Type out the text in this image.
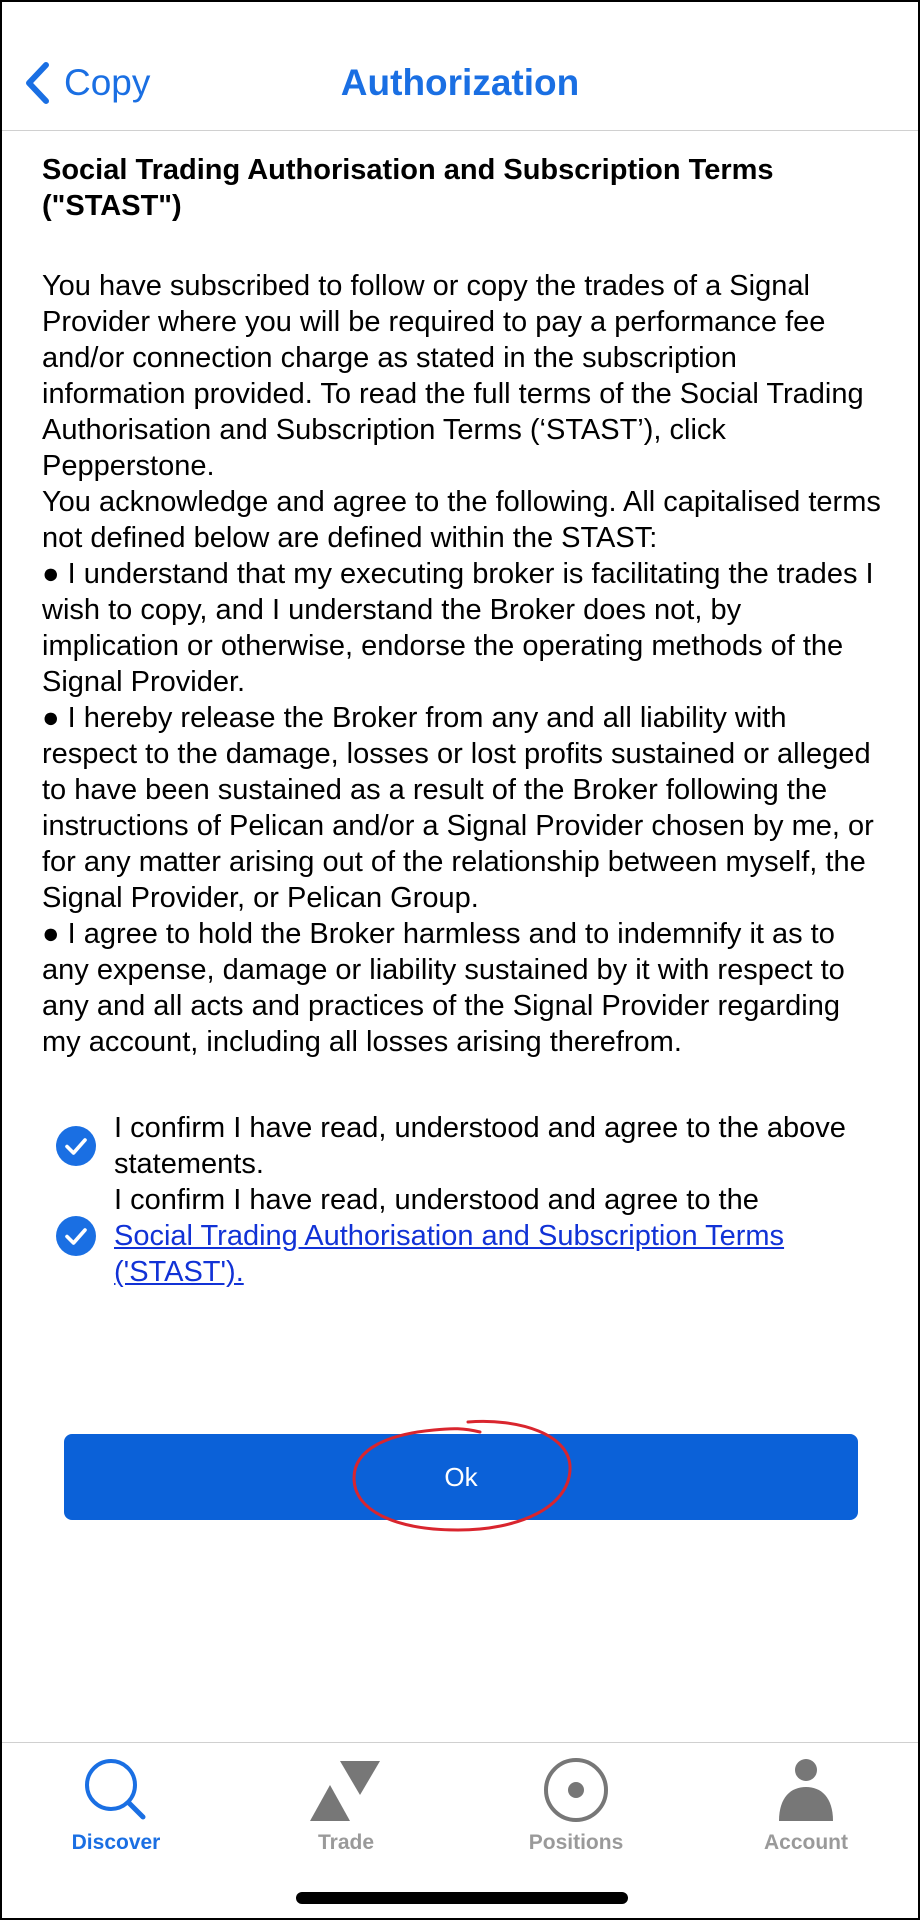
Copy	Authorization
Social Trading Authorisation and Subscription Terms ("STAST")

You have subscribed to follow or copy the trades of a Signal Provider where you will be required to pay a performance fee and/or connection charge as stated in the subscription information provided. To read the full terms of the Social Trading Authorisation and Subscription Terms (‘STAST’), click Pepperstone.

You acknowledge and agree to the following. All capitalised terms not defined below are defined within the STAST:

● I understand that my executing broker is facilitating the trades I wish to copy, and I understand the Broker does not, by implication or otherwise, endorse the operating methods of the Signal Provider.
● I hereby release the Broker from any and all liability with respect to the damage, losses or lost profits sustained or alleged to have been sustained as a result of the Broker following the instructions of Pelican and/or a Signal Provider chosen by me, or for any matter arising out of the relationship between myself, the Signal Provider, or Pelican Group.
● I agree to hold the Broker harmless and to indemnify it as to any expense, damage or liability sustained by it with respect to any and all acts and practices of the Signal Provider regarding my account, including all losses arising therefrom.
I confirm I have read, understood and agree to the above statements.
I confirm I have read, understood and agree to the
Social Trading Authorisation and Subscription Terms ('STAST').
Ok
Discover	Trade	Positions	Account
